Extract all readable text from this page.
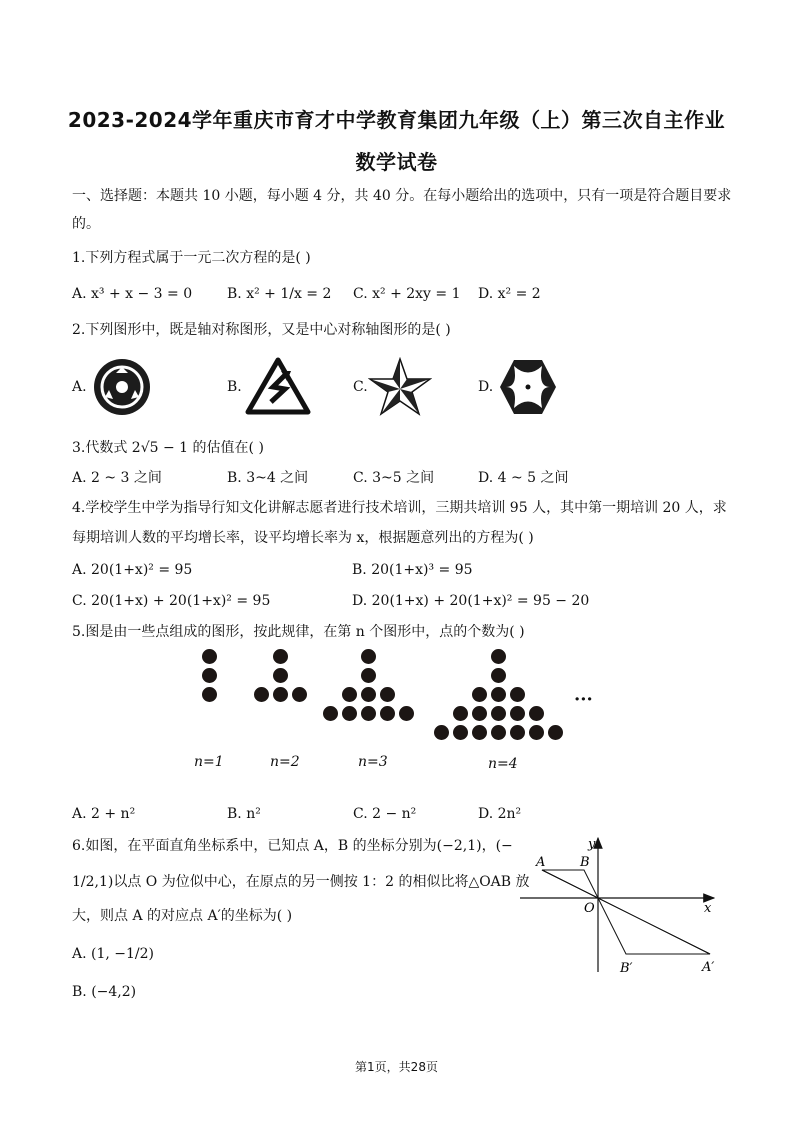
2023-2024学年重庆市育才中学教育集团九年级（上）第三次自主作业
数学试卷
一、选择题：本题共 10 小题，每小题 4 分，共 40 分。在每小题给出的选项中，只有一项是符合题目要求
的。
1.下列方程式属于一元二次方程的是( )
A. x³ + x − 3 = 0 B. x² + 1/x = 2 C. x² + 2xy = 1 D. x² = 2
2.下列图形中，既是轴对称图形，又是中心对称轴图形的是( )
A.	B.	C.	D.
3.代数式 2√5 − 1 的估值在( )
A. 2 ~ 3 之间	B. 3~4 之间	C. 3~5 之间	D. 4 ~ 5 之间
4.学校学生中学为指导行知文化讲解志愿者进行技术培训，三期共培训 95 人，其中第一期培训 20 人，求
每期培训人数的平均增长率，设平均增长率为 x，根据题意列出的方程为( )
A. 20(1+x)² = 95	B. 20(1+x)³ = 95
C. 20(1+x) + 20(1+x)² = 95	D. 20(1+x) + 20(1+x)² = 95 − 20
5.图是由一些点组成的图形，按此规律，在第 n 个图形中，点的个数为( )
n=1	n=2	n=3	n=4
···
A. 2 + n²	B. n²	C. 2 − n²	D. 2n²
6.如图，在平面直角坐标系中，已知点 A，B 的坐标分别为(−2,1)，(−
1/2,1)以点 O 为位似中心，在原点的另一侧按 1：2 的相似比将△OAB 放
大，则点 A 的对应点 A′的坐标为( )
A. (1, −1/2)
B. (−4,2)
y
x
O
A	B
B′	A′
第1页，共28页
